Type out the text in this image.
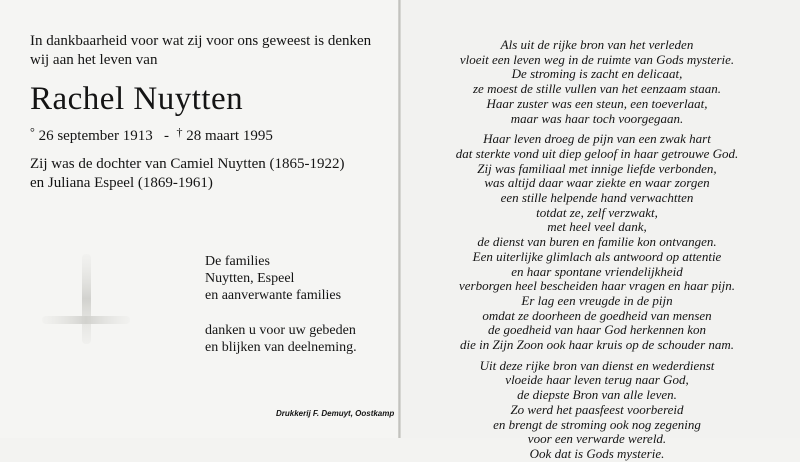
In dankbaarheid voor wat zij voor ons geweest is denken wij aan het leven van

Rachel Nuytten
° 26 september 1913 - † 28 maart 1995
Zij was de dochter van Camiel Nuytten (1865-1922)
en Juliana Espeel (1869-1961)
De families
Nuytten, Espeel
en aanverwante families
danken u voor uw gebeden
en blijken van deelneming.
Drukkerij F. Demuyt, Oostkamp
Als uit de rijke bron van het verleden
vloeit een leven weg in de ruimte van Gods mysterie.
De stroming is zacht en delicaat,
ze moest de stille vullen van het eenzaam staan.
Haar zuster was een steun, een toeverlaat,
maar was haar toch voorgegaan.
Haar leven droeg de pijn van een zwak hart
dat sterkte vond uit diep geloof in haar getrouwe God.
Zij was familiaal met innige liefde verbonden,
was altijd daar waar ziekte en waar zorgen
een stille helpende hand verwachtten
totdat ze, zelf verzwakt,
met heel veel dank,
de dienst van buren en familie kon ontvangen.
Een uiterlijke glimlach als antwoord op attentie
en haar spontane vriendelijkheid
verborgen heel bescheiden haar vragen en haar pijn.
Er lag een vreugde in de pijn
omdat ze doorheen de goedheid van mensen
de goedheid van haar God herkennen kon
die in Zijn Zoon ook haar kruis op de schouder nam.
Uit deze rijke bron van dienst en wederdienst
vloeide haar leven terug naar God,
de diepste Bron van alle leven.
Zo werd het paasfeest voorbereid
en brengt de stroming ook nog zegening
voor een verwarde wereld.
Ook dat is Gods mysterie.
